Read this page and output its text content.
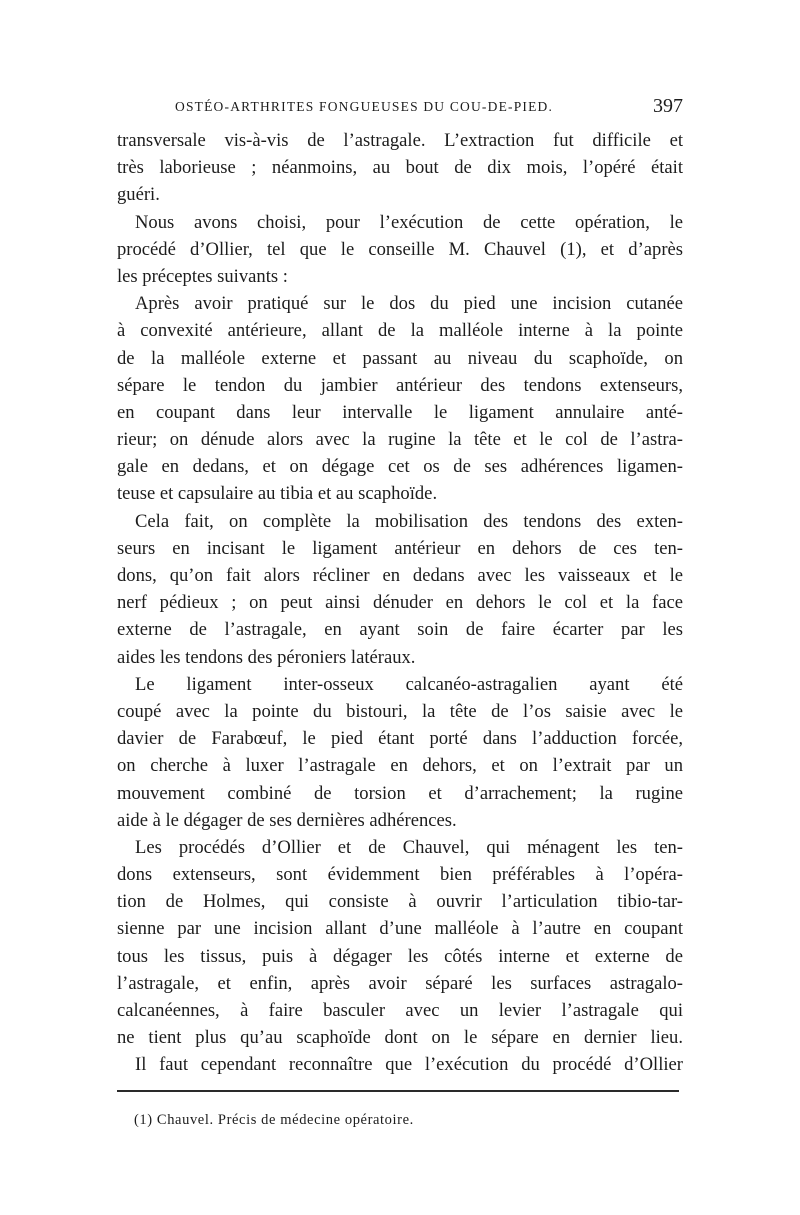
OSTÉO-ARTHRITES FONGUEUSES DU COU-DE-PIED.	397
transversale vis-à-vis de l’astragale. L’extraction fut difficile et
très laborieuse ; néanmoins, au bout de dix mois, l’opéré était
guéri.
Nous avons choisi, pour l’exécution de cette opération, le
procédé d’Ollier, tel que le conseille M. Chauvel (1), et d’après
les préceptes suivants :
Après avoir pratiqué sur le dos du pied une incision cutanée
à convexité antérieure, allant de la malléole interne à la pointe
de la malléole externe et passant au niveau du scaphoïde, on
sépare le tendon du jambier antérieur des tendons extenseurs,
en coupant dans leur intervalle le ligament annulaire anté-
rieur; on dénude alors avec la rugine la tête et le col de l’astra-
gale en dedans, et on dégage cet os de ses adhérences ligamen-
teuse et capsulaire au tibia et au scaphoïde.
Cela fait, on complète la mobilisation des tendons des exten-
seurs en incisant le ligament antérieur en dehors de ces ten-
dons, qu’on fait alors récliner en dedans avec les vaisseaux et le
nerf pédieux ; on peut ainsi dénuder en dehors le col et la face
externe de l’astragale, en ayant soin de faire écarter par les
aides les tendons des péroniers latéraux.
Le ligament inter-osseux calcanéo-astragalien ayant été
coupé avec la pointe du bistouri, la tête de l’os saisie avec le
davier de Farabœuf, le pied étant porté dans l’adduction forcée,
on cherche à luxer l’astragale en dehors, et on l’extrait par un
mouvement combiné de torsion et d’arrachement; la rugine
aide à le dégager de ses dernières adhérences.
Les procédés d’Ollier et de Chauvel, qui ménagent les ten-
dons extenseurs, sont évidemment bien préférables à l’opéra-
tion de Holmes, qui consiste à ouvrir l’articulation tibio-tar-
sienne par une incision allant d’une malléole à l’autre en coupant
tous les tissus, puis à dégager les côtés interne et externe de
l’astragale, et enfin, après avoir séparé les surfaces astragalo-
calcanéennes, à faire basculer avec un levier l’astragale qui
ne tient plus qu’au scaphoïde dont on le sépare en dernier lieu.
Il faut cependant reconnaître que l’exécution du procédé d’Ollier
(1) Chauvel. Précis de médecine opératoire.
